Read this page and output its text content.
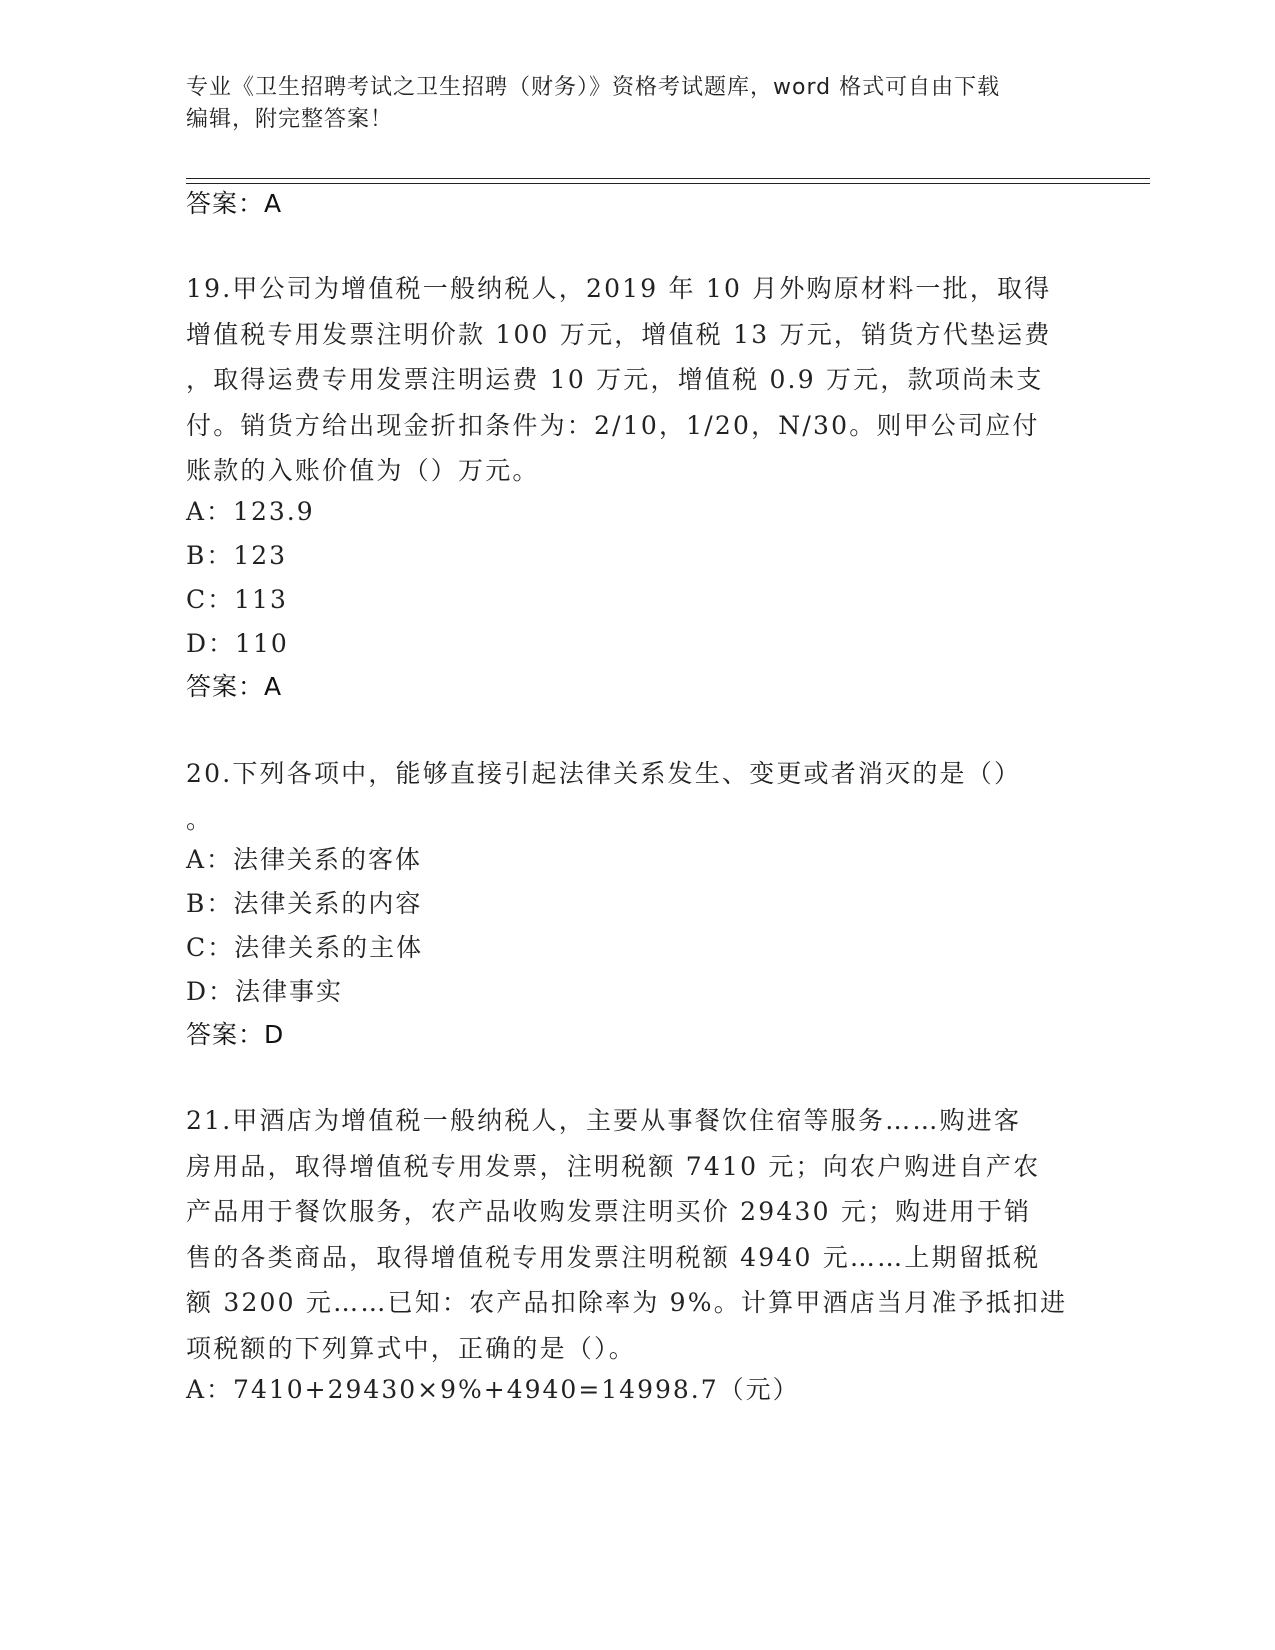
专业《卫生招聘考试之卫生招聘（财务）》资格考试题库，word 格式可自由下载
编辑，附完整答案！
答案：A
19.甲公司为增值税一般纳税人，2019 年 10 月外购原材料一批，取得
增值税专用发票注明价款 100 万元，增值税 13 万元，销货方代垫运费
，取得运费专用发票注明运费 10 万元，增值税 0.9 万元，款项尚未支
付。销货方给出现金折扣条件为：2/10，1/20，N/30。则甲公司应付
账款的入账价值为（）万元。
A：123.9
B：123
C：113
D：110
答案：A
20.下列各项中，能够直接引起法律关系发生、变更或者消灭的是（）
。
A：法律关系的客体
B：法律关系的内容
C：法律关系的主体
D：法律事实
答案：D
21.甲酒店为增值税一般纳税人，主要从事餐饮住宿等服务……购进客
房用品，取得增值税专用发票，注明税额 7410 元；向农户购进自产农
产品用于餐饮服务，农产品收购发票注明买价 29430 元；购进用于销
售的各类商品，取得增值税专用发票注明税额 4940 元……上期留抵税
额 3200 元……已知：农产品扣除率为 9%。计算甲酒店当月准予抵扣进
项税额的下列算式中，正确的是（）。
A：7410+29430×9%+4940=14998.7（元）
